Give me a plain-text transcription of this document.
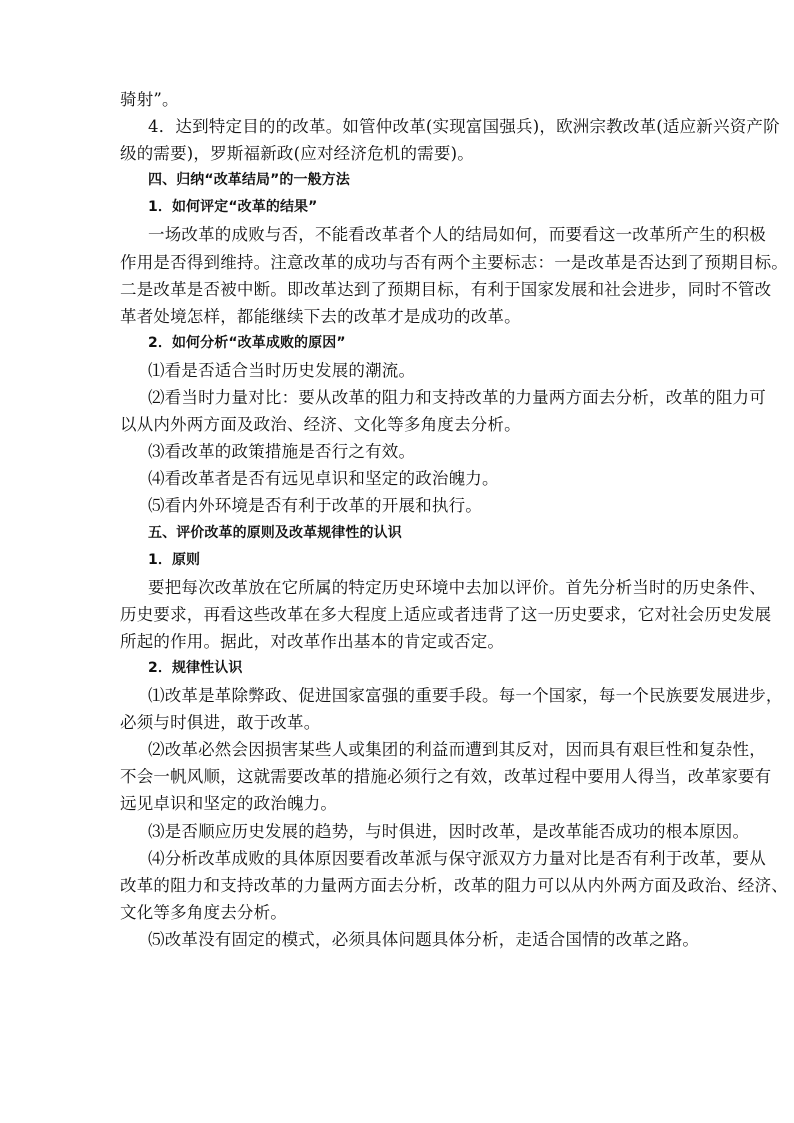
骑射”。
4．达到特定目的的改革。如管仲改革(实现富国强兵)，欧洲宗教改革(适应新兴资产阶
级的需要)，罗斯福新政(应对经济危机的需要)。
四、归纳“改革结局”的一般方法
1．如何评定“改革的结果”
一场改革的成败与否，不能看改革者个人的结局如何，而要看这一改革所产生的积极
作用是否得到维持。注意改革的成功与否有两个主要标志：一是改革是否达到了预期目标。
二是改革是否被中断。即改革达到了预期目标，有利于国家发展和社会进步，同时不管改
革者处境怎样，都能继续下去的改革才是成功的改革。
2．如何分析“改革成败的原因”
⑴看是否适合当时历史发展的潮流。
⑵看当时力量对比：要从改革的阻力和支持改革的力量两方面去分析，改革的阻力可
以从内外两方面及政治、经济、文化等多角度去分析。
⑶看改革的政策措施是否行之有效。
⑷看改革者是否有远见卓识和坚定的政治魄力。
⑸看内外环境是否有利于改革的开展和执行。
五、评价改革的原则及改革规律性的认识
1．原则
要把每次改革放在它所属的特定历史环境中去加以评价。首先分析当时的历史条件、
历史要求，再看这些改革在多大程度上适应或者违背了这一历史要求，它对社会历史发展
所起的作用。据此，对改革作出基本的肯定或否定。
2．规律性认识
⑴改革是革除弊政、促进国家富强的重要手段。每一个国家，每一个民族要发展进步，
必须与时俱进，敢于改革。
⑵改革必然会因损害某些人或集团的利益而遭到其反对，因而具有艰巨性和复杂性，
不会一帆风顺，这就需要改革的措施必须行之有效，改革过程中要用人得当，改革家要有
远见卓识和坚定的政治魄力。
⑶是否顺应历史发展的趋势，与时俱进，因时改革，是改革能否成功的根本原因。
⑷分析改革成败的具体原因要看改革派与保守派双方力量对比是否有利于改革，要从
改革的阻力和支持改革的力量两方面去分析，改革的阻力可以从内外两方面及政治、经济、
文化等多角度去分析。
⑸改革没有固定的模式，必须具体问题具体分析，走适合国情的改革之路。
